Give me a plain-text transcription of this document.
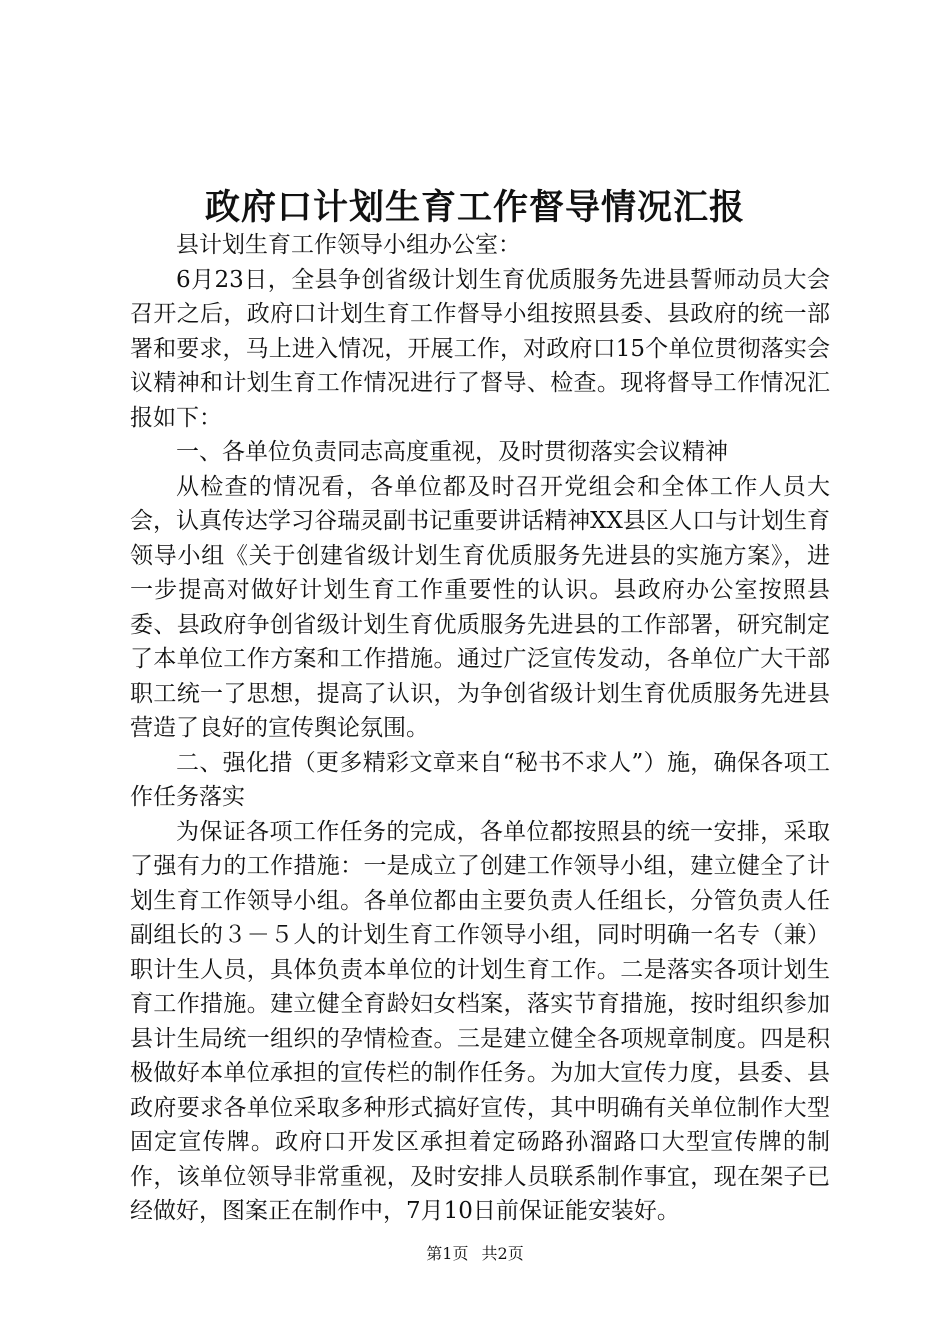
政府口计划生育工作督导情况汇报

县计划生育工作领导小组办公室：

6月23日，全县争创省级计划生育优质服务先进县誓师动员大会召开之后，政府口计划生育工作督导小组按照县委、县政府的统一部署和要求，马上进入情况，开展工作，对政府口15个单位贯彻落实会议精神和计划生育工作情况进行了督导、检查。现将督导工作情况汇报如下：

一、各单位负责同志高度重视，及时贯彻落实会议精神

从检查的情况看，各单位都及时召开党组会和全体工作人员大会，认真传达学习谷瑞灵副书记重要讲话精神XX县区人口与计划生育领导小组《关于创建省级计划生育优质服务先进县的实施方案》，进一步提高对做好计划生育工作重要性的认识。县政府办公室按照县委、县政府争创省级计划生育优质服务先进县的工作部署，研究制定了本单位工作方案和工作措施。通过广泛宣传发动，各单位广大干部职工统一了思想，提高了认识，为争创省级计划生育优质服务先进县营造了良好的宣传舆论氛围。

二、强化措（更多精彩文章来自“秘书不求人”）施，确保各项工作任务落实

为保证各项工作任务的完成，各单位都按照县的统一安排，采取了强有力的工作措施：一是成立了创建工作领导小组，建立健全了计划生育工作领导小组。各单位都由主要负责人任组长，分管负责人任副组长的３－５人的计划生育工作领导小组，同时明确一名专（兼）职计生人员，具体负责本单位的计划生育工作。二是落实各项计划生育工作措施。建立健全育龄妇女档案，落实节育措施，按时组织参加县计生局统一组织的孕情检查。三是建立健全各项规章制度。四是积极做好本单位承担的宣传栏的制作任务。为加大宣传力度，县委、县政府要求各单位采取多种形式搞好宣传，其中明确有关单位制作大型固定宣传牌。政府口开发区承担着定砀路孙溜路口大型宣传牌的制作，该单位领导非常重视，及时安排人员联系制作事宜，现在架子已经做好，图案正在制作中，7月10日前保证能安装好。

第1页 共2页
